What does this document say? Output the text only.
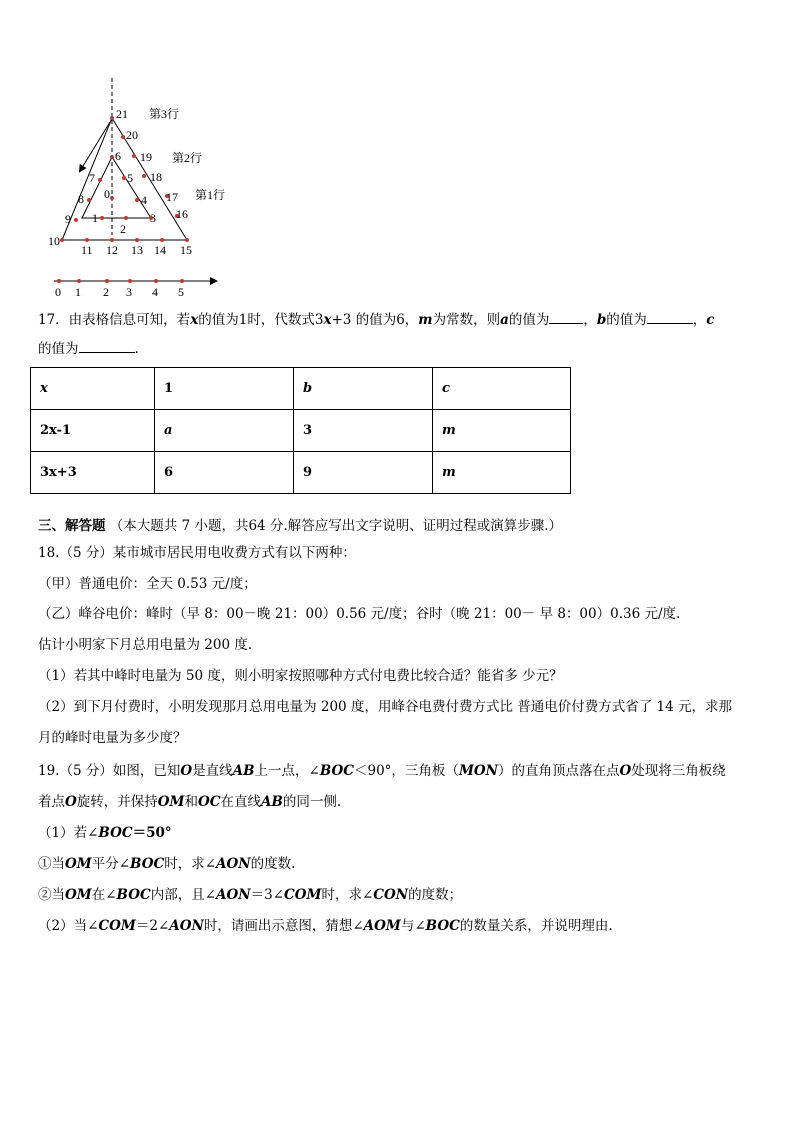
21
20
6 19
18
7	5
0
8	4 17
9 1	3 16
2
10
11 12 13 14 15
第3行
第2行
第1行
0 1 2 3 4 5
17．由表格信息可知，若x的值为1时，代数式3x+3 的值为6，m为常数，则a的值为	，b的值为	，c
的值为	.
x	1	b	c
2x-1	a	3	m
3x+3	6	9	m
三、解答题 （本大题共 7 小题，共64 分.解答应写出文字说明、证明过程或演算步骤.）
18.（5 分）某市城市居民用电收费方式有以下两种：
（甲）普通电价：全天 0.53 元/度；
（乙）峰谷电价：峰时（早 8：00－晚 21：00）0.56 元/度；谷时（晚 21：00－ 早 8：00）0.36 元/度.
估计小明家下月总用电量为 200 度.
（1）若其中峰时电量为 50 度，则小明家按照哪种方式付电费比较合适？能省多 少元？
（2）到下月付费时，小明发现那月总用电量为 200 度，用峰谷电费付费方式比 普通电价付费方式省了 14 元，求那
月的峰时电量为多少度？
19.（5 分）如图，已知O是直线AB上一点，∠BOC＜90°，三角板（MON）的直角顶点落在点O处现将三角板绕
着点O旋转，并保持OM和OC在直线AB的同一侧.
（1）若∠BOC＝50°
①当OM平分∠BOC时，求∠AON的度数.
②当OM在∠BOC内部，且∠AON＝3∠COM时，求∠CON的度数；
（2）当∠COM＝2∠AON时，请画出示意图，猜想∠AOM与∠BOC的数量关系，并说明理由.
